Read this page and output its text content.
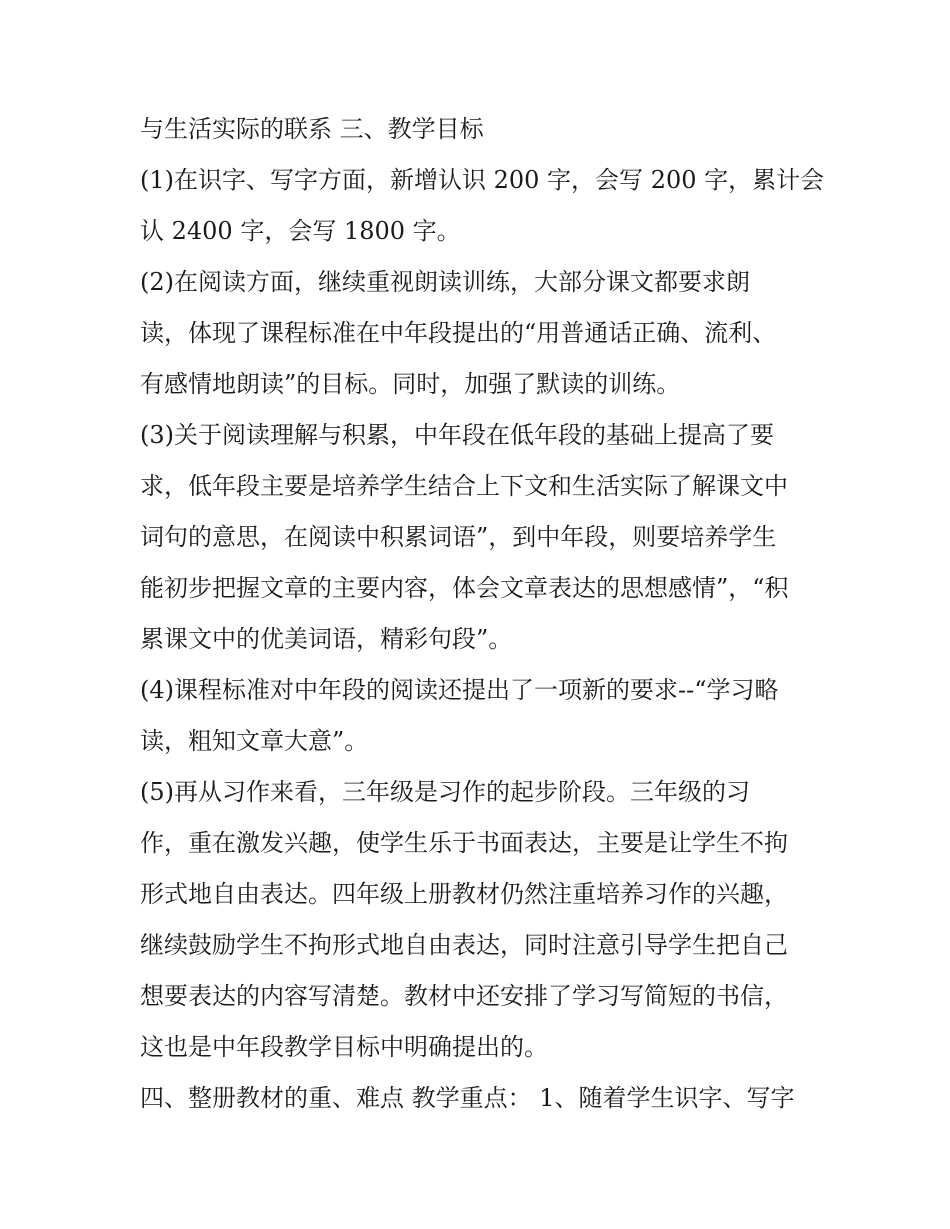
与生活实际的联系 三、教学目标
(1)在识字、写字方面，新增认识 200 字，会写 200 字，累计会
认 2400 字，会写 1800 字。
(2)在阅读方面，继续重视朗读训练，大部分课文都要求朗
读，体现了课程标准在中年段提出的“用普通话正确、流利、
有感情地朗读”的目标。同时，加强了默读的训练。
(3)关于阅读理解与积累，中年段在低年段的基础上提高了要
求，低年段主要是培养学生结合上下文和生活实际了解课文中
词句的意思，在阅读中积累词语”，到中年段，则要培养学生
能初步把握文章的主要内容，体会文章表达的思想感情”，“积
累课文中的优美词语，精彩句段”。
(4)课程标准对中年段的阅读还提出了一项新的要求--“学习略
读，粗知文章大意”。
(5)再从习作来看，三年级是习作的起步阶段。三年级的习
作，重在激发兴趣，使学生乐于书面表达，主要是让学生不拘
形式地自由表达。四年级上册教材仍然注重培养习作的兴趣，
继续鼓励学生不拘形式地自由表达，同时注意引导学生把自己
想要表达的内容写清楚。教材中还安排了学习写简短的书信，
这也是中年段教学目标中明确提出的。
四、整册教材的重、难点 教学重点： 1、随着学生识字、写字
